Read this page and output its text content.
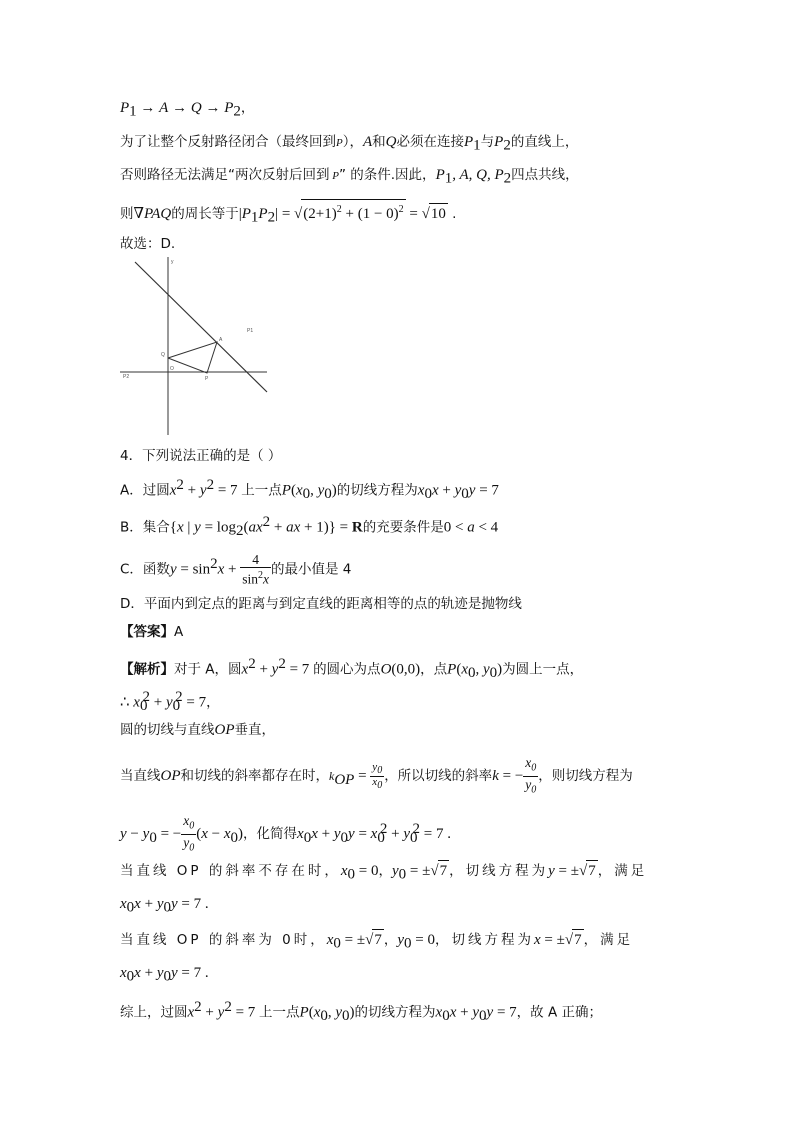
$P_1 \to A \to Q \to P_2$，
为了让整个反射路径闭合（最终回到P），A和Q必须在连接$P_1$与$P_2$的直线上，
否则路径无法满足“两次反射后回到 P” 的条件.因此，$P_1$, A, Q, $P_2$四点共线，
则∇PAQ的周长等于$|P_1P_2| = √(2+1)^2 + (1 - 0)^2 = √10$ .
故选：D.
P1
Q
O
P2
A
P
y
4．下列说法正确的是（ ）
A．过圆$x^2 + y^2 = 7$ 上一点$P(x_0$, $y_0$)的切线方程为$x_0x + y_0y = 7$
B．集合{x | $y = \log_2(ax^2$ + ax + 1)} = R的充要条件是0 < a < 4
C．函数$y = \sin^2x + \frac{4}{\sin^2x}$ 的最小值是 4
D．平面内到定点的距离与到定直线的距离相等的点的轨迹是抛物线
【答案】A
【解析】对于 A，圆$x^2 + y^2 = 7$ 的圆心为点O(0,0)，点$P(x_0$, $y_0$)为圆上一点，
∴ $x_0^2 + y_0^2 = 7$，
圆的切线与直线OP垂直，
当直线OP和切线的斜率都存在时，$k_{OP} = \frac{y_0}{x_0}$ ，所以切线的斜率k = − $\frac{x_0}{y_0}$ ，则切线方程为
$y - y_0$ = − $\frac{x_0}{y_0} (x - x_0)$，化简得$x_0x + y_0y = x_0^2 + y_0^2 = 7$ .
当直线 OP 的斜率不存在时，$x_0 = 0$，$y_0 = \pm√7$ ，切线方程为y = ±√7 ，满足
$x_0x + y_0y = 7$ .
当直线 OP 的斜率为 0时，$x_0 = \pm√7$ ，$y_0 = 0$，切线方程为x = ±√7 ，满足
$x_0x + y_0y = 7$ .
综上，过圆$x^2 + y^2 = 7$ 上一点$P(x_0$, $y_0$)的切线方程为$x_0x + y_0y = 7$，故 A 正确；
